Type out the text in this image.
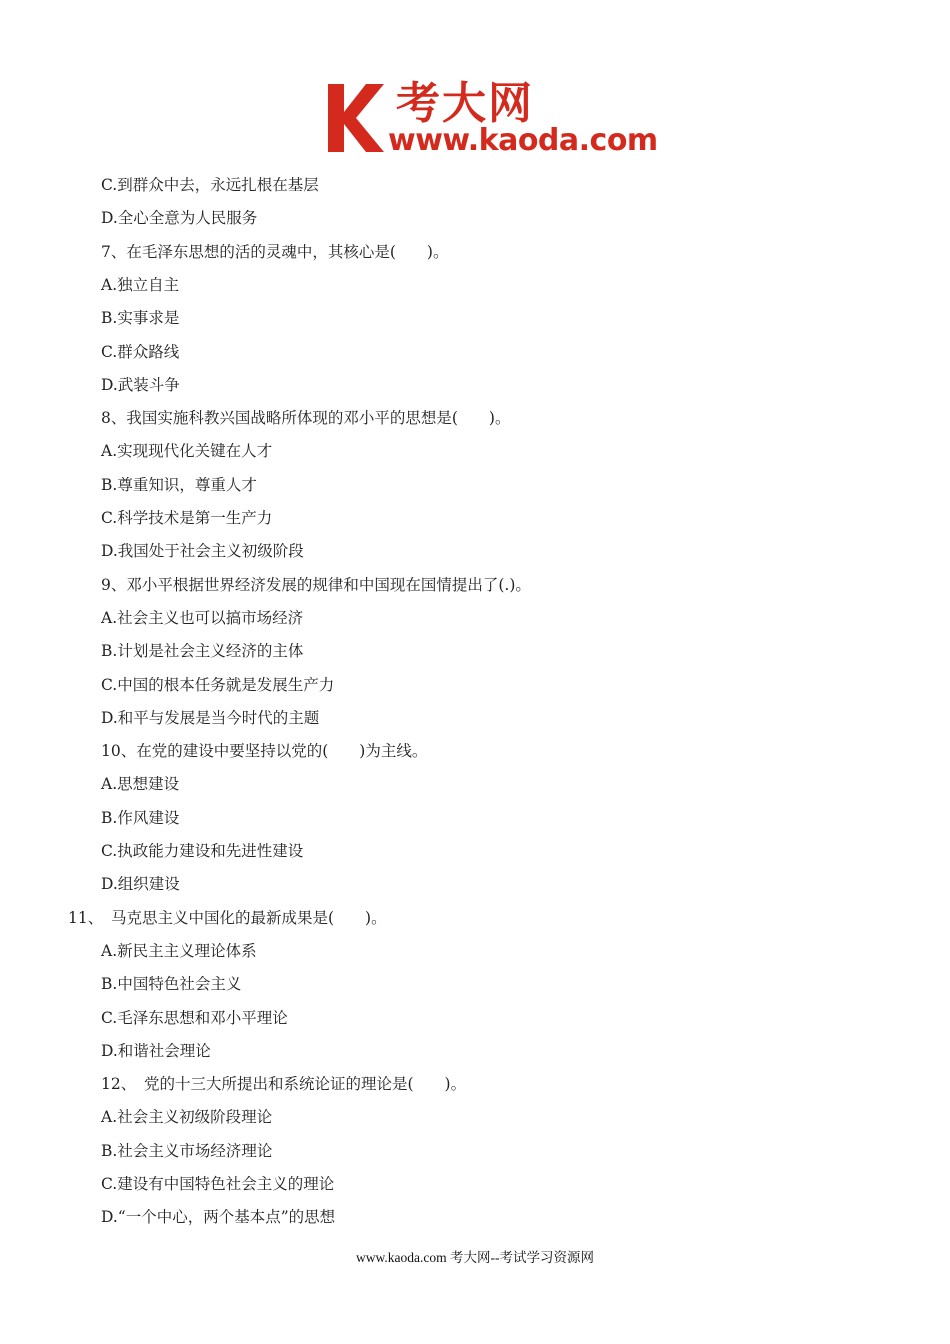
考大网
www.kaoda.com
C.到群众中去，永远扎根在基层
D.全心全意为人民服务
7、在毛泽东思想的活的灵魂中，其核心是(　　)。
A.独立自主
B.实事求是
C.群众路线
D.武装斗争
8、我国实施科教兴国战略所体现的邓小平的思想是(　　)。
A.实现现代化关键在人才
B.尊重知识，尊重人才
C.科学技术是第一生产力
D.我国处于社会主义初级阶段
9、邓小平根据世界经济发展的规律和中国现在国情提出了(.)。
A.社会主义也可以搞市场经济
B.计划是社会主义经济的主体
C.中国的根本任务就是发展生产力
D.和平与发展是当今时代的主题
10、在党的建设中要坚持以党的(　　)为主线。
A.思想建设
B.作风建设
C.执政能力建设和先进性建设
D.组织建设
11、　马克思主义中国化的最新成果是(　　)。
A.新民主主义理论体系
B.中国特色社会主义
C.毛泽东思想和邓小平理论
D.和谐社会理论
12、　党的十三大所提出和系统论证的理论是(　　)。
A.社会主义初级阶段理论
B.社会主义市场经济理论
C.建设有中国特色社会主义的理论
D.“一个中心，两个基本点”的思想
www.kaoda.com 考大网--考试学习资源网
